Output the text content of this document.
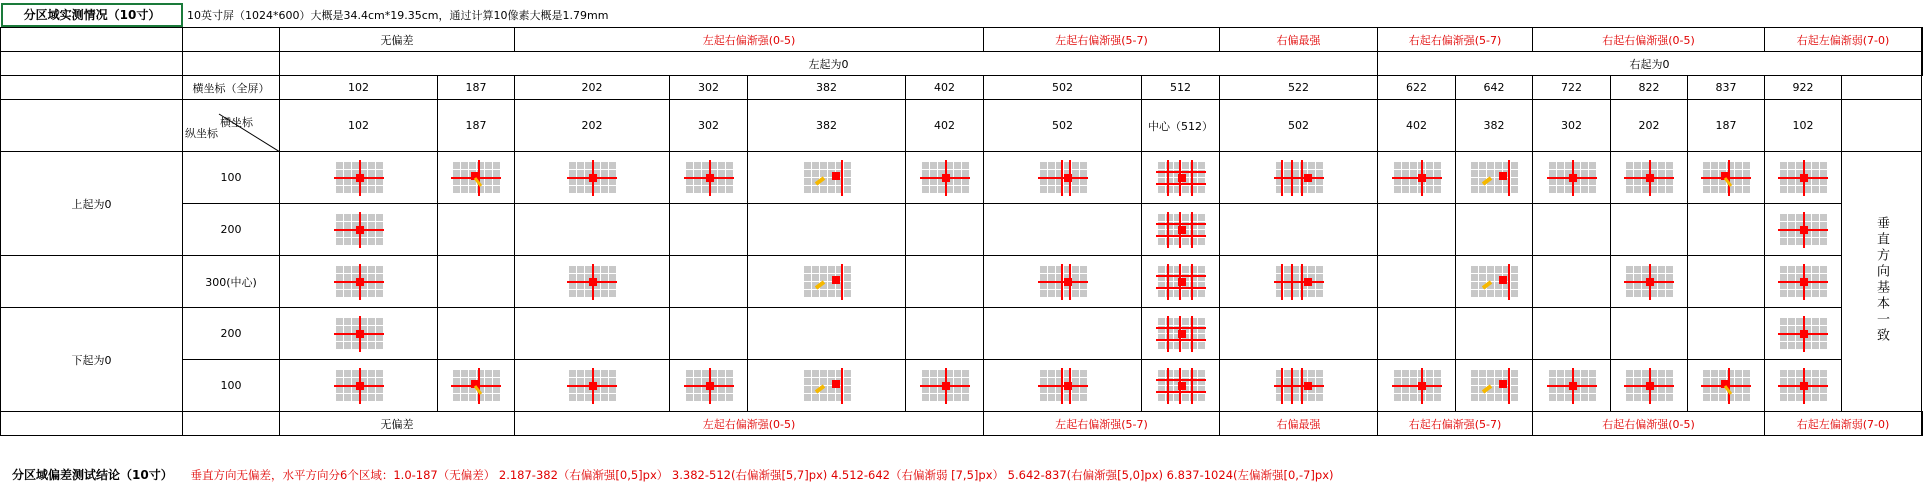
分区域实测情况（10寸）	10英寸屏（1024*600）大概是34.4cm*19.35cm，通过计算10像素大概是1.79mm
		无偏差		左起右偏渐强(0-5)				左起右偏渐强(5-7)		右偏最强	右起右偏渐强(5-7)		右起右偏渐强(0-5)			右起左偏渐弱(7-0)		
		左起为0									右起为0							
	横坐标（全屏）	102	187	202	302	382	402	502	512	522	622	642	722	822	837	922		

	横坐标
纵坐标	102	187	202	302	382	402	502	中心（512）	502	402	382	302	202	187	102		
上起为0	100																垂直方向基本一致	
	200	

	300(中心)	

下起为0	200	

	100	

		无偏差		左起右偏渐强(0-5)				左起右偏渐强(5-7)		右偏最强	右起右偏渐强(5-7)		右起右偏渐强(0-5)			右起左偏渐弱(7-0)		
分区域偏差测试结论（10寸） 垂直方向无偏差，水平方向分6个区域：1.0-187（无偏差） 2.187-382（右偏渐强[0,5]px） 3.382-512(右偏渐强[5,7]px) 4.512-642（右偏渐弱 [7,5]px） 5.642-837(右偏渐强[5,0]px) 6.837-1024(左偏渐强[0,-7]px)
